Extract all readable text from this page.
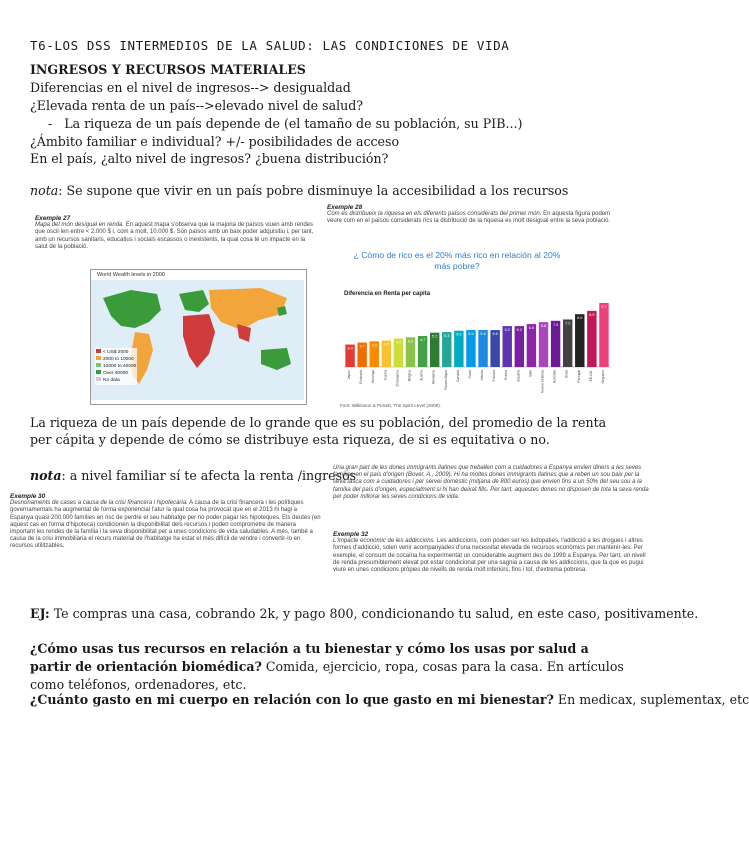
T6-LOS DSS INTERMEDIOS DE LA SALUD: LAS CONDICIONES DE VIDA
INGRESOS Y RECURSOS MATERIALES
Diferencias en el nivel de ingresos--> desigualdad
¿Elevada renta de un país-->elevado nivel de salud?
- La riqueza de un país depende de (el tamaño de su población, su PIB...)
¿Ámbito familiar e individual? +/- posibilidades de acceso
En el país, ¿alto nivel de ingresos? ¿buena distribución?
nota: Se supone que vivir en un país pobre disminuye la accesibilidad a los recursos
Exemple 27
Mapa del món desigual en renda. En aquest mapa s'observa que la majoria de països viuen amb rendes que oscil·len entre < 2.000 $ i, com a molt, 10.000 $. Són països amb un baix poder adquisitiu i, per tant, amb un recursos sanitaris, educatius i socials escassos o inexistents, la qual cosa té un impacte en la salut de la població.
World Wealth levels in 2000
< US$ 2000
2000 to 10000
10000 to 40000
Over 40000
No data
Exemple 28
Com es distribueix la riquesa en els diferents països considerats del primer món. En aquesta figura podem veure com en el països considerats rics la distribució de la riquesa es molt desigual entre la seva població.
¿ Cómo de rico es el 20% más rico en relación al 20% más pobre?
Diferencia en Renta per capita
3.4
Japón
3.7
Finlandia
3.9
Noruega
4.0
Suecia
4.3
Dinamarca
4.5
Bélgica
4.7
Austria
5.2
Alemania
5.3
Países Bajos
5.5
Canadá
5.6
Suiza
5.6
Irlanda
5.6
Francia
6.2
Grecia
6.2
España
6.5
Italia
6.8
Nueva Zelanda
7.0
Australia
7.2
Israel
8.0
Portugal
8.5
EE.UU.
9.7
Singapur
Font: Wilkinson & Pickett, The Spirit Level (2009).
La riqueza de un país depende de lo grande que es su población, del promedio de la renta per cápita y depende de cómo se distribuye esta riqueza, de si es equitativa o no.
nota: a nivel familiar sí te afecta la renta /ingresos
Exemple 30
Desnonaments de cases a causa de la crisi financera i hipotecària. A causa de la crisi financera i les polítiques governamentals ha augmentat de forma exponencial l'atur la qual cosa ha provocat que en el 2013 hi hagi a Espanya quasi 200.000 famílies en risc de perdre el seu habitatge per no poder pagar les hipoteques. Els deutes (en aquest cas en forma d'hipoteca) condicionen la disponibilitat dels recursos i poden comprometre de manera important les rendes de la família i la seva disponibilitat per a unes condicions de vida saludables. A més, també a causa de la crisi immobiliària el recurs material de l'habitatge ha estat el més difícil de vendre i convertir-lo en recursos utilitzables.
Una gran part de les dones immigrants llatines que treballen com a cuidadores a Espanya envien diners a les seves famílies en el país d'origen (Bover, A., 2009). Hi ha moltes dones immigrants llatines que a reben un sou baix per la seva tasca com a cuidadores i per servei domèstic (mitjana de 800 euros) que envien fins a un 50% del seu sou a la família del país d'origen, especialment si hi han deixat fills. Per tant, aquestes dones no disposen de tota la seva renda per poder millorar les seves condicions de vida.
Exemple 32
L'impacte econòmic de les addiccions. Les addiccions, com poden ser les ludopaties, l'addicció a les drogues i altres formes d'addicció, solen venir acompanyades d'una necessitat elevada de recursos econòmics per mantenir-les. Per exemple, el consum de cocaïna ha experimentat un considerable augment des de 1999 a Espanya. Per tant, un nivell de renda presumiblement elevat pot estar condicionat per una sagnia a causa de les addiccions, que fa que es pugui viure en unes condicions pròpies de nivells de renda molt inferiors, fins i tot, d'extrema pobresa.
EJ: Te compras una casa, cobrando 2k, y pago 800, condicionando tu salud, en este caso, positivamente.
¿Cómo usas tus recursos en relación a tu bienestar y cómo los usas por salud a partir de orientación biomédica? Comida, ejercicio, ropa, cosas para la casa. En artículos como teléfonos, ordenadores, etc.
¿Cuánto gasto en mi cuerpo en relación con lo que gasto en mi bienestar? En medicax, suplementax, etc
